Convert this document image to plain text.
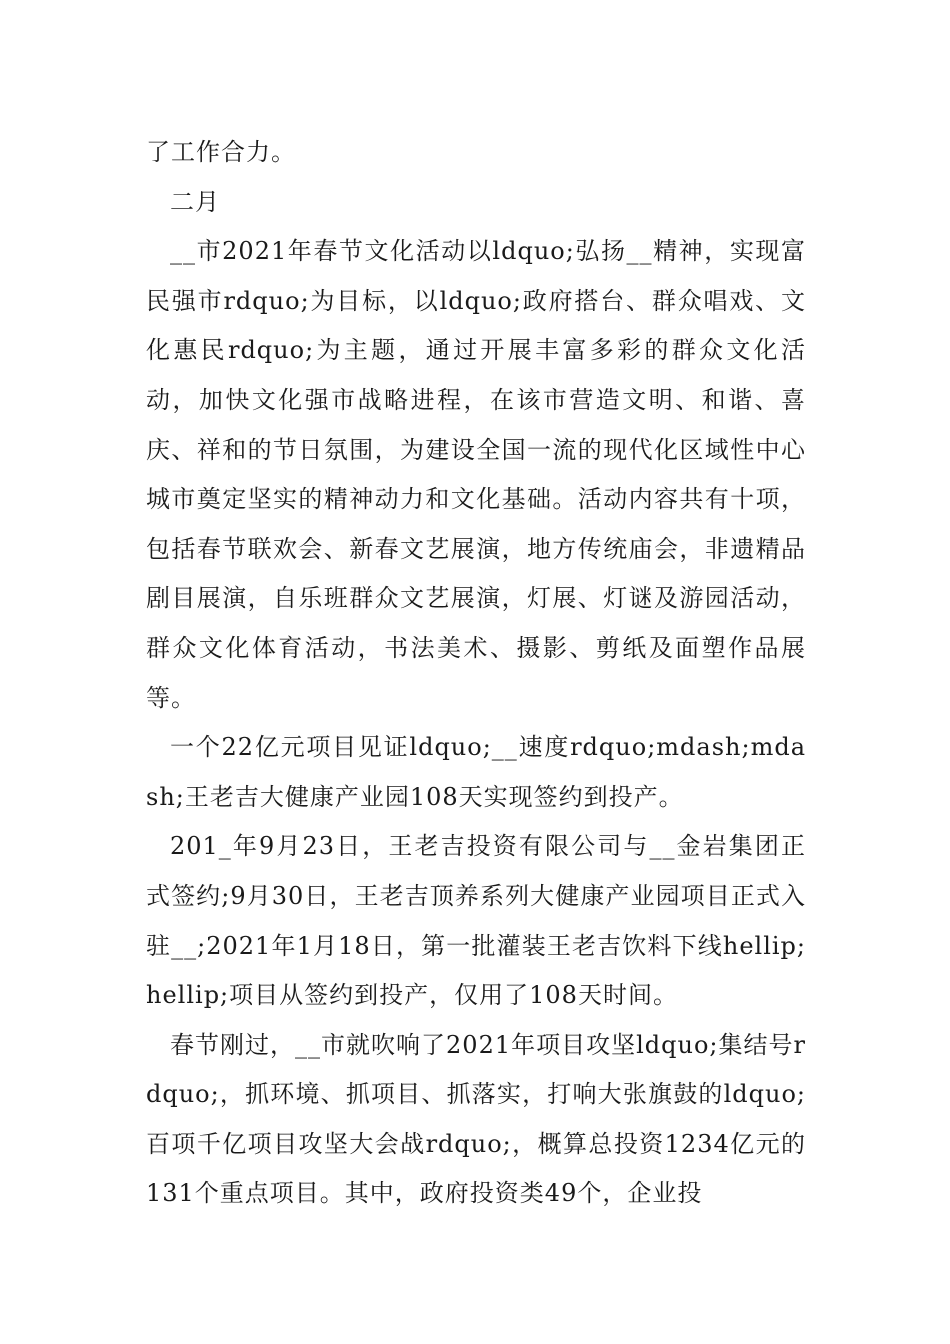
了工作合力。

二月

__市2021年春节文化活动以ldquo;弘扬__精神，实现富民强市rdquo;为目标，以ldquo;政府搭台、群众唱戏、文化惠民rdquo;为主题，通过开展丰富多彩的群众文化活动，加快文化强市战略进程，在该市营造文明、和谐、喜庆、祥和的节日氛围，为建设全国一流的现代化区域性中心城市奠定坚实的精神动力和文化基础。活动内容共有十项，包括春节联欢会、新春文艺展演，地方传统庙会，非遗精品剧目展演，自乐班群众文艺展演，灯展、灯谜及游园活动，群众文化体育活动，书法美术、摄影、剪纸及面塑作品展等。

一个22亿元项目见证ldquo;__速度rdquo;mdash;mdash;王老吉大健康产业园108天实现签约到投产。

201_年9月23日，王老吉投资有限公司与__金岩集团正式签约;9月30日，王老吉顶养系列大健康产业园项目正式入驻__;2021年1月18日，第一批灌装王老吉饮料下线hellip;hellip;项目从签约到投产，仅用了108天时间。

春节刚过，__市就吹响了2021年项目攻坚ldquo;集结号rdquo;，抓环境、抓项目、抓落实，打响大张旗鼓的ldquo;百项千亿项目攻坚大会战rdquo;，概算总投资1234亿元的131个重点项目。其中，政府投资类49个，企业投
